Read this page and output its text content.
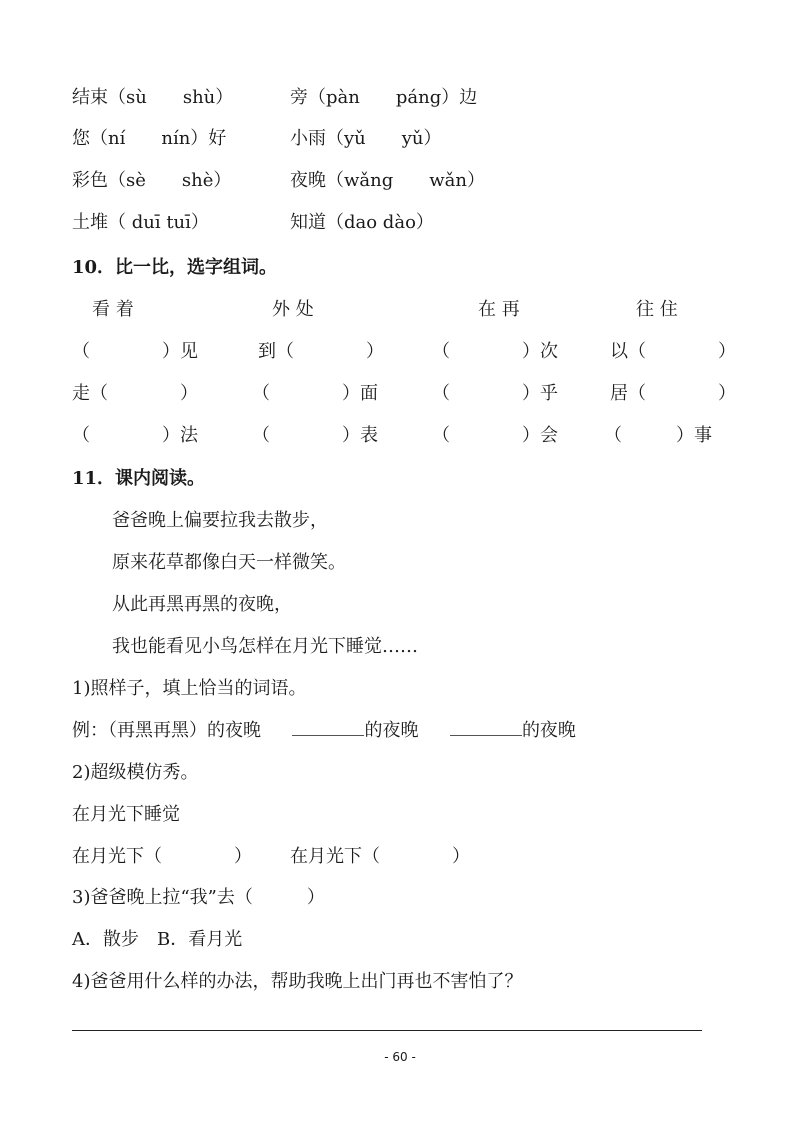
结束（sù　　shù）	旁（pàn　　páng）边
您（ní　　nín）好	小雨（yǔ　　yǔ）
彩色（sè　　shè）	夜晚（wǎng　　wǎn）
土堆（ duī tuī）	知道（dao dào）
10．比一比，选字组词。
看 着	外 处	在 再	往 住
（　　　　）见	到（　　　　）	（　　　　）次	以（　　　　）
走（　　　　）	（　　　　）面	（　　　　）乎	居（　　　　）
（　　　　）法	（　　　　）表	（　　　　）会	（　　　）事
11．课内阅读。
爸爸晚上偏要拉我去散步，
原来花草都像白天一样微笑。
从此再黑再黑的夜晚，
我也能看见小鸟怎样在月光下睡觉……
1)照样子，填上恰当的词语。
例：（再黑再黑）的夜晚	的夜晚	的夜晚
2)超级模仿秀。
在月光下睡觉
在月光下（　　　　） 在月光下（　　　　）
3)爸爸晚上拉“我”去（　　　）
A．散步　B．看月光
4)爸爸用什么样的办法，帮助我晚上出门再也不害怕了？
- 60 -
